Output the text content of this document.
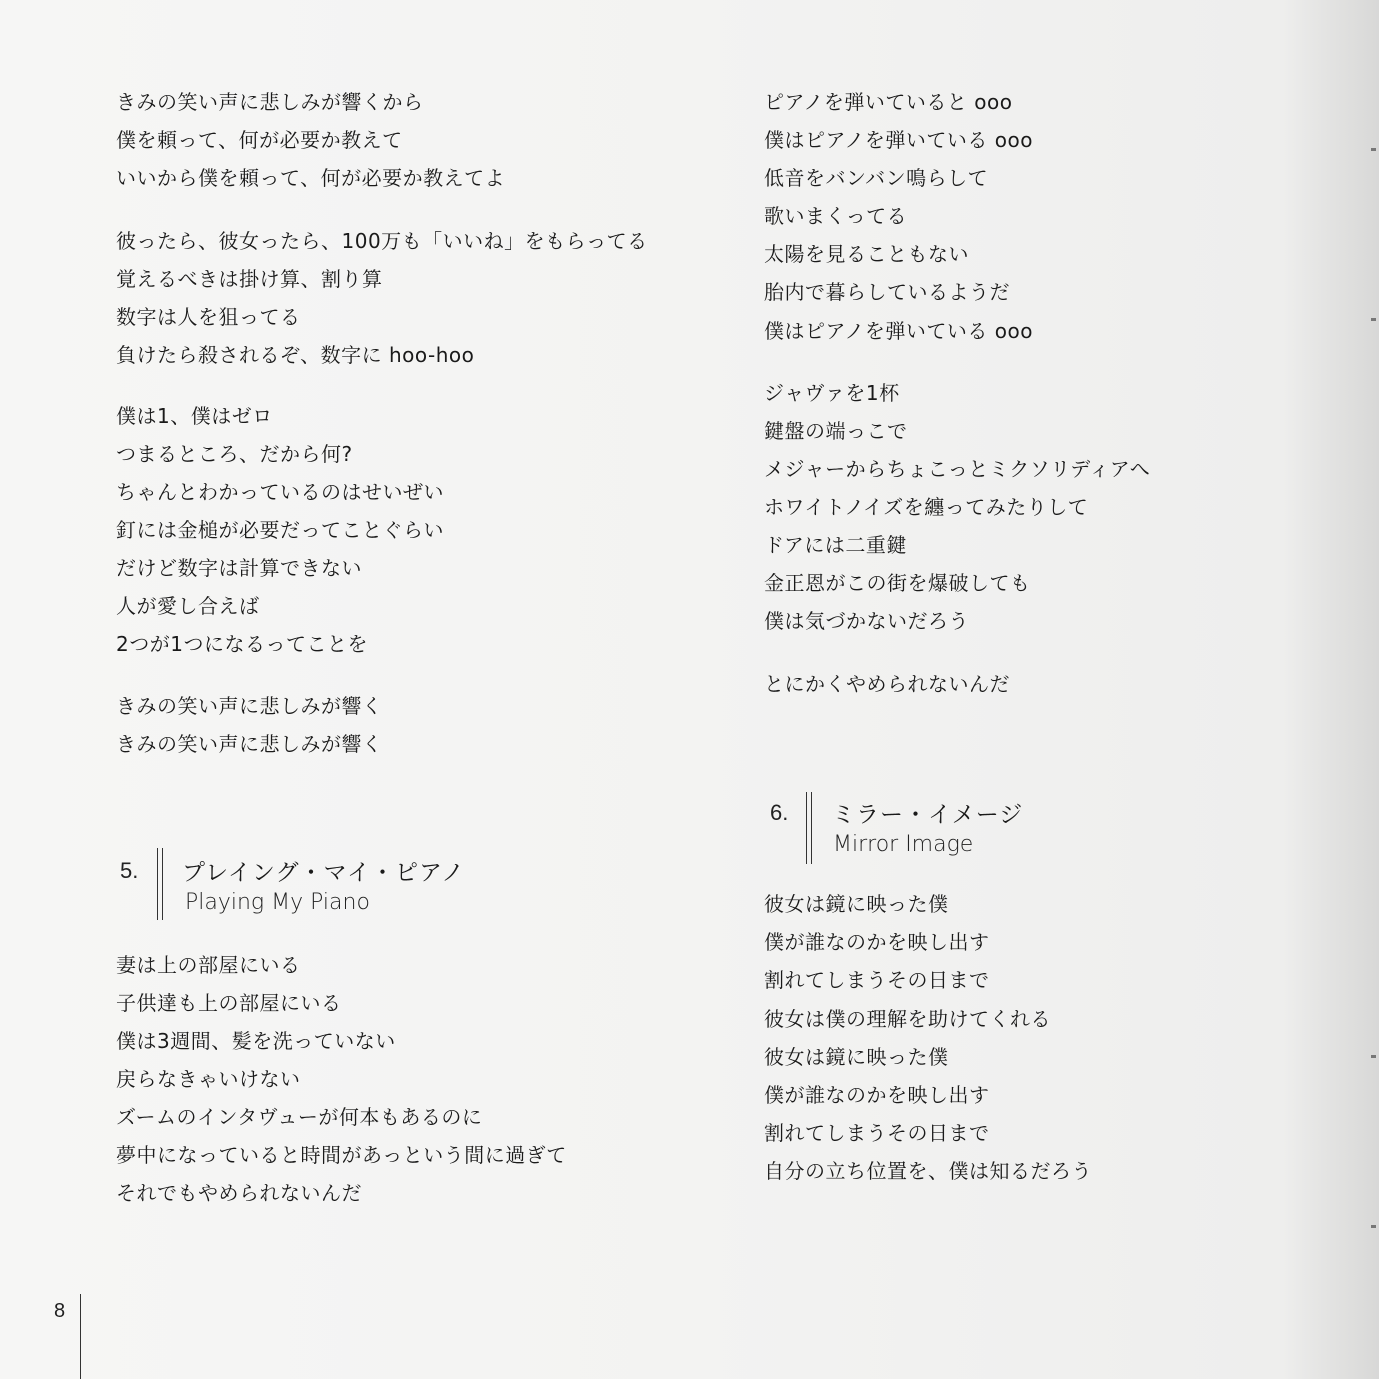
きみの笑い声に悲しみが響くから
僕を頼って、何が必要か教えて
いいから僕を頼って、何が必要か教えてよ
彼ったら、彼女ったら、100万も「いいね」をもらってる
覚えるべきは掛け算、割り算
数字は人を狙ってる
負けたら殺されるぞ、数字に hoo-hoo
僕は1、僕はゼロ
つまるところ、だから何?
ちゃんとわかっているのはせいぜい
釘には金槌が必要だってことぐらい
だけど数字は計算できない
人が愛し合えば
2つが1つになるってことを
きみの笑い声に悲しみが響く
きみの笑い声に悲しみが響く
5. プレイング・マイ・ピアノ
Playing My Piano
妻は上の部屋にいる
子供達も上の部屋にいる
僕は3週間、髪を洗っていない
戻らなきゃいけない
ズームのインタヴューが何本もあるのに
夢中になっていると時間があっという間に過ぎて
それでもやめられないんだ
ピアノを弾いていると ooo
僕はピアノを弾いている ooo
低音をバンバン鳴らして
歌いまくってる
太陽を見ることもない
胎内で暮らしているようだ
僕はピアノを弾いている ooo
ジャヴァを1杯
鍵盤の端っこで
メジャーからちょこっとミクソリディアへ
ホワイトノイズを纏ってみたりして
ドアには二重鍵
金正恩がこの街を爆破しても
僕は気づかないだろう
とにかくやめられないんだ
6. ミラー・イメージ
Mirror Image
彼女は鏡に映った僕
僕が誰なのかを映し出す
割れてしまうその日まで
彼女は僕の理解を助けてくれる
彼女は鏡に映った僕
僕が誰なのかを映し出す
割れてしまうその日まで
自分の立ち位置を、僕は知るだろう
8
